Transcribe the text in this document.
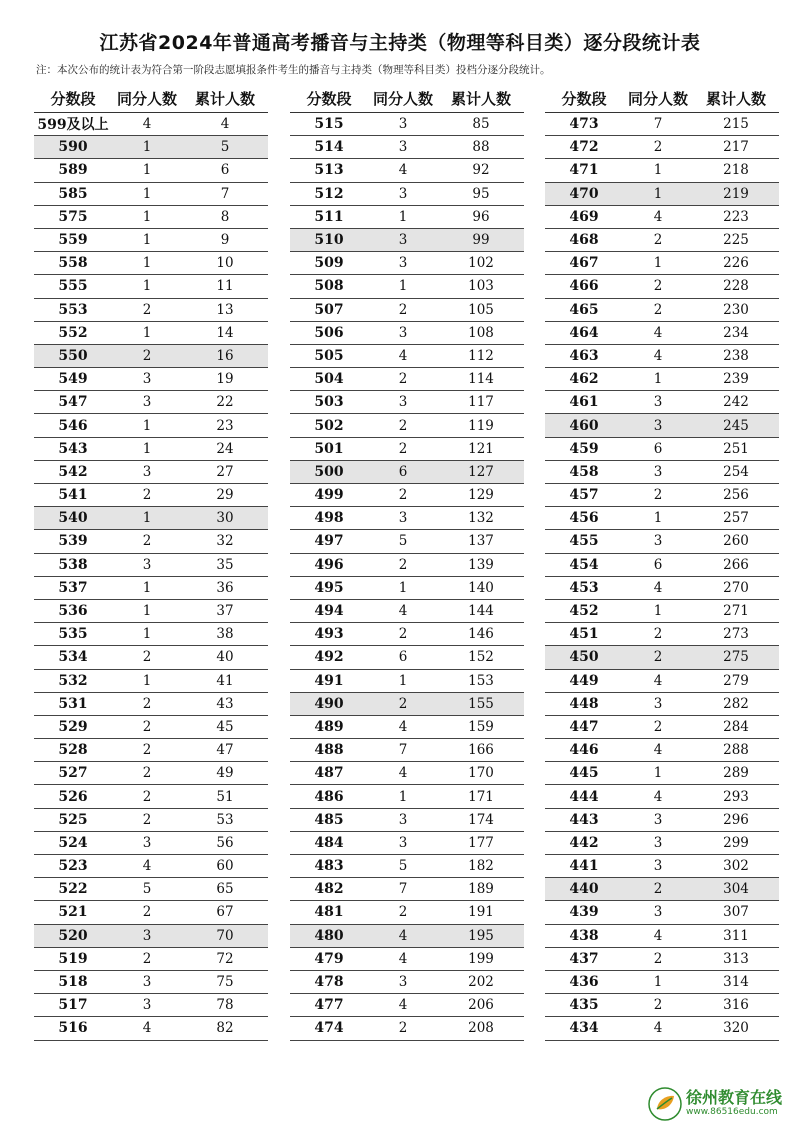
江苏省2024年普通高考播音与主持类（物理等科目类）逐分段统计表
注：本次公布的统计表为符合第一阶段志愿填报条件考生的播音与主持类（物理等科目类）投档分逐分段统计。
分数段	同分人数	累计人数
599及以上	4	4
590	1	5
589	1	6
585	1	7
575	1	8
559	1	9
558	1	10
555	1	11
553	2	13
552	1	14
550	2	16
549	3	19
547	3	22
546	1	23
543	1	24
542	3	27
541	2	29
540	1	30
539	2	32
538	3	35
537	1	36
536	1	37
535	1	38
534	2	40
532	1	41
531	2	43
529	2	45
528	2	47
527	2	49
526	2	51
525	2	53
524	3	56
523	4	60
522	5	65
521	2	67
520	3	70
519	2	72
518	3	75
517	3	78
516	4	82
分数段	同分人数	累计人数
515	3	85
514	3	88
513	4	92
512	3	95
511	1	96
510	3	99
509	3	102
508	1	103
507	2	105
506	3	108
505	4	112
504	2	114
503	3	117
502	2	119
501	2	121
500	6	127
499	2	129
498	3	132
497	5	137
496	2	139
495	1	140
494	4	144
493	2	146
492	6	152
491	1	153
490	2	155
489	4	159
488	7	166
487	4	170
486	1	171
485	3	174
484	3	177
483	5	182
482	7	189
481	2	191
480	4	195
479	4	199
478	3	202
477	4	206
474	2	208
分数段	同分人数	累计人数
473	7	215
472	2	217
471	1	218
470	1	219
469	4	223
468	2	225
467	1	226
466	2	228
465	2	230
464	4	234
463	4	238
462	1	239
461	3	242
460	3	245
459	6	251
458	3	254
457	2	256
456	1	257
455	3	260
454	6	266
453	4	270
452	1	271
451	2	273
450	2	275
449	4	279
448	3	282
447	2	284
446	4	288
445	1	289
444	4	293
443	3	296
442	3	299
441	3	302
440	2	304
439	3	307
438	4	311
437	2	313
436	1	314
435	2	316
434	4	320
徐州教育在线
www.86516edu.com
